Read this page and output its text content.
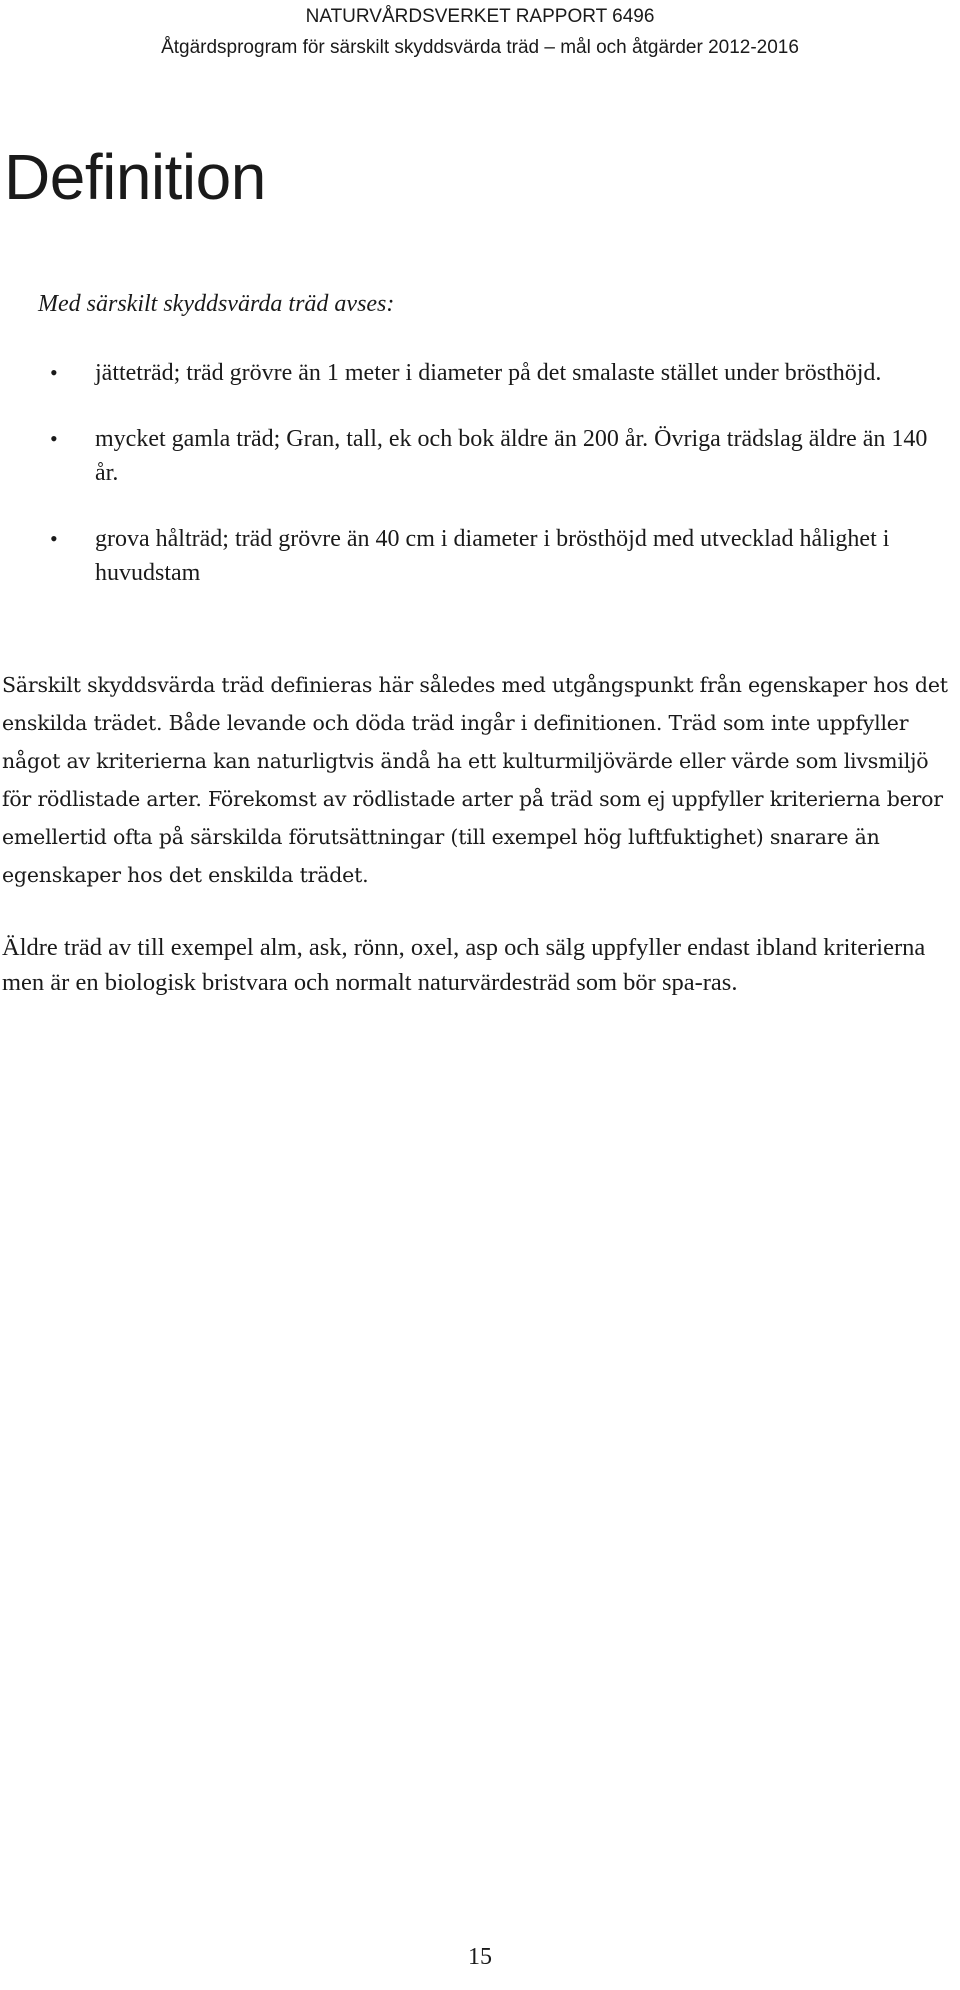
NATURVÅRDSVERKET RAPPORT 6496

Åtgärdsprogram för särskilt skyddsvärda träd – mål och åtgärder 2012-2016
Definition

Med särskilt skyddsvärda träd avses:

• jätteträd; träd grövre än 1 meter i diameter på det smalaste stället under brösthöjd.
• mycket gamla träd; Gran, tall, ek och bok äldre än 200 år. Övriga trädslag äldre än 140 år.
• grova hålträd; träd grövre än 40 cm i diameter i brösthöjd med utvecklad hålighet i huvudstam

Särskilt skyddsvärda träd definieras här således med utgångspunkt från egenskaper hos det enskilda trädet. Både levande och döda träd ingår i definitionen. Träd som inte uppfyller något av kriterierna kan naturligtvis ändå ha ett kulturmiljövärde eller värde som livsmiljö för rödlistade arter. Förekomst av rödlistade arter på träd som ej uppfyller kriterierna beror emellertid ofta på särskilda förutsättningar (till exempel hög luftfuktighet) snarare än egenskaper hos det enskilda trädet.

Äldre träd av till exempel alm, ask, rönn, oxel, asp och sälg uppfyller endast ibland kriterierna men är en biologisk bristvara och normalt naturvärdesträd som bör spa-ras.

15
